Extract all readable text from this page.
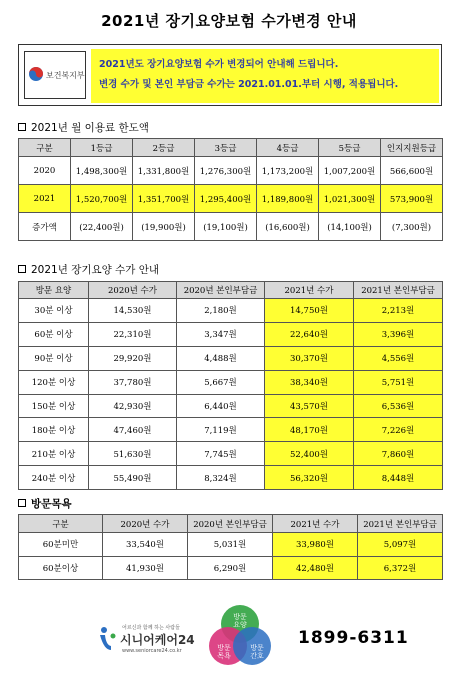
2021년 장기요양보험 수가변경 안내
보건복지부
2021년도 장기요양보험 수가 변경되어 안내해 드립니다.
변경 수가 및 본인 부담금 수가는 2021.01.01.부터 시행, 적용됩니다.
2021년 월 이용료 한도액
구분	1등급	2등급	3등급	4등급	5등급	인지지원등급
2020	1,498,300원	1,331,800원	1,276,300원	1,173,200원	1,007,200원	566,600원
2021	1,520,700원	1,351,700원	1,295,400원	1,189,800원	1,021,300원	573,900원
증가액	(22,400원)	(19,900원)	(19,100원)	(16,600원)	(14,100원)	(7,300원)
2021년 장기요양 수가 안내
방문 요양	2020년 수가	2020년 본인부담금	2021년 수가	2021년 본인부담금
30분 이상	14,530원	2,180원	14,750원	2,213원
60분 이상	22,310원	3,347원	22,640원	3,396원
90분 이상	29,920원	4,488원	30,370원	4,556원
120분 이상	37,780원	5,667원	38,340원	5,751원
150분 이상	42,930원	6,440원	43,570원	6,536원
180분 이상	47,460원	7,119원	48,170원	7,226원
210분 이상	51,630원	7,745원	52,400원	7,860원
240분 이상	55,490원	8,324원	56,320원	8,448원
방문목욕
구분	2020년 수가	2020년 본인부담금	2021년 수가	2021년 본인부담금
60분미만	33,540원	5,031원	33,980원	5,097원
60분이상	41,930원	6,290원	42,480원	6,372원
어르신과 함께 하는 사람들
시니어케어24
www.seniorcare24.co.kr
방문 요양
방문 목욕
방문 간호
1899-6311
